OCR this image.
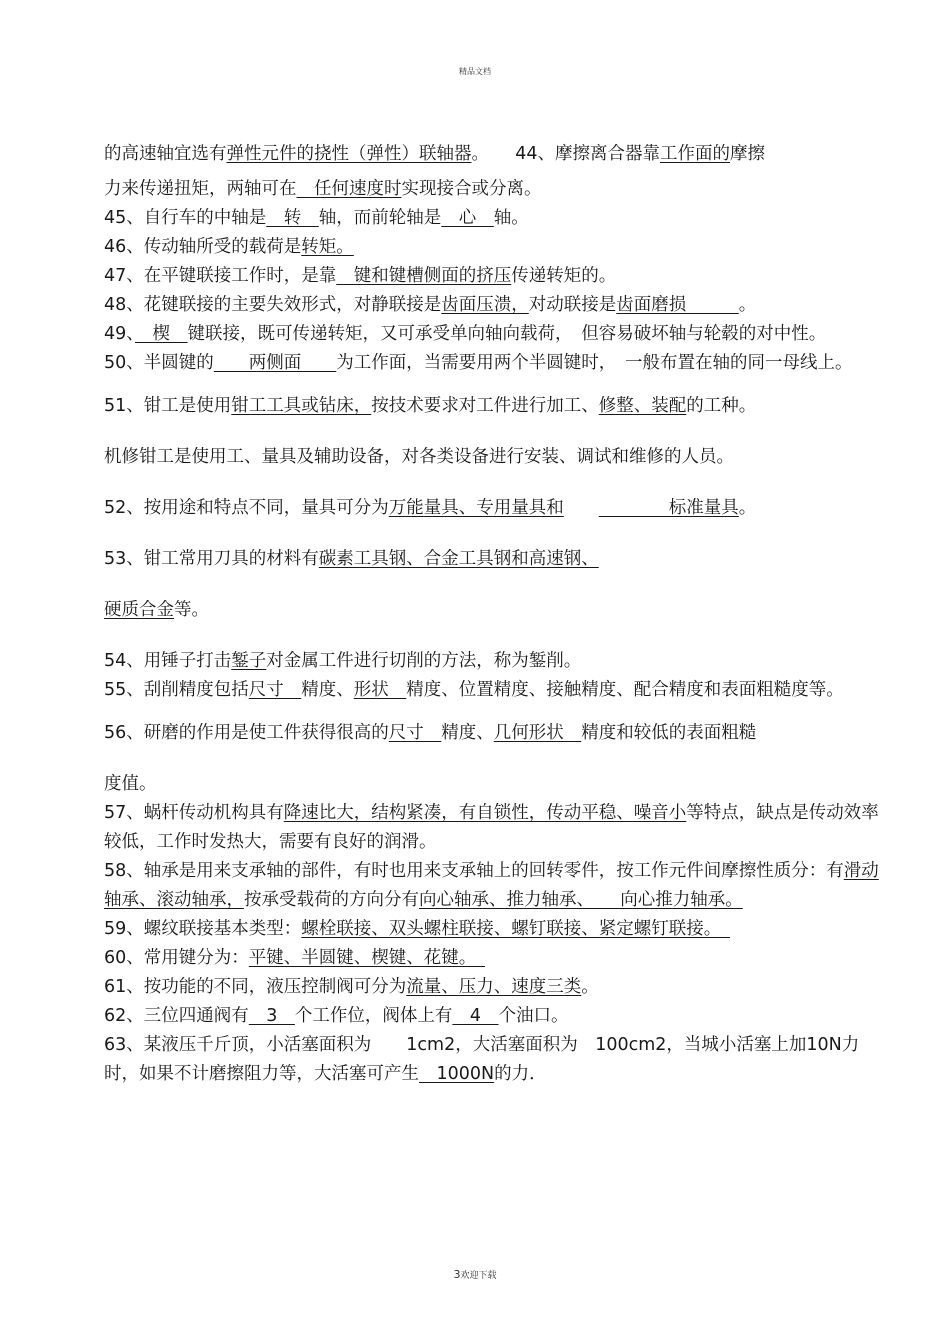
精品文档

的高速轴宜选有弹性元件的挠性（弹性）联轴器。　　 44、摩擦离合器靠工作面的摩擦

力来传递扭矩，两轴可在　任何速度时实现接合或分离。

45、自行车的中轴是　转　轴，而前轮轴是　心　轴。

46、传动轴所受的载荷是转矩。

47、在平键联接工作时，是靠　键和键槽侧面的挤压传递转矩的。

48、花键联接的主要失效形式，对静联接是齿面压溃，对动联接是齿面磨损　　　。

49、　楔　键联接，既可传递转矩，又可承受单向轴向载荷，　但容易破坏轴与轮毂的对中性。

50、半圆键的　　两侧面　　为工作面，当需要用两个半圆键时，　一般布置在轴的同一母线上。

51、钳工是使用钳工工具或钻床，按技术要求对工件进行加工、修整、装配的工种。

机修钳工是使用工、量具及辅助设备，对各类设备进行安装、调试和维修的人员。

52、按用途和特点不同，量具可分为万能量具、专用量具和　　　　　　标准量具。

53、钳工常用刀具的材料有碳素工具钢、合金工具钢和高速钢、

硬质合金等。

54、用锤子打击錾子对金属工件进行切削的方法，称为錾削。

55、刮削精度包括尺寸　精度、形状　精度、位置精度、接触精度、配合精度和表面粗糙度等。

56、研磨的作用是使工件获得很高的尺寸　精度、几何形状　精度和较低的表面粗糙

度值。

57、蜗杆传动机构具有降速比大，结构紧凑，有自锁性，传动平稳、噪音小等特点，缺点是传动效率较低，工作时发热大，需要有良好的润滑。

58、轴承是用来支承轴的部件，有时也用来支承轴上的回转零件，按工作元件间摩擦性质分：有滑动轴承、滚动轴承，按承受载荷的方向分有向心轴承、推力轴承、　　向心推力轴承。

59、螺纹联接基本类型：螺栓联接、双头螺柱联接、螺钉联接、紧定螺钉联接。　

60、常用键分为：平键、半圆键、楔键、花键。　

61、按功能的不同，液压控制阀可分为流量、压力、速度三类。

62、三位四通阀有　3　个工作位，阀体上有　4　个油口。

63、某液压千斤顶，小活塞面积为　　1cm2，大活塞面积为　100cm2，当城小活塞上加10N力时，如果不计磨擦阻力等，大活塞可产生　1000N的力．

3欢迎下载
